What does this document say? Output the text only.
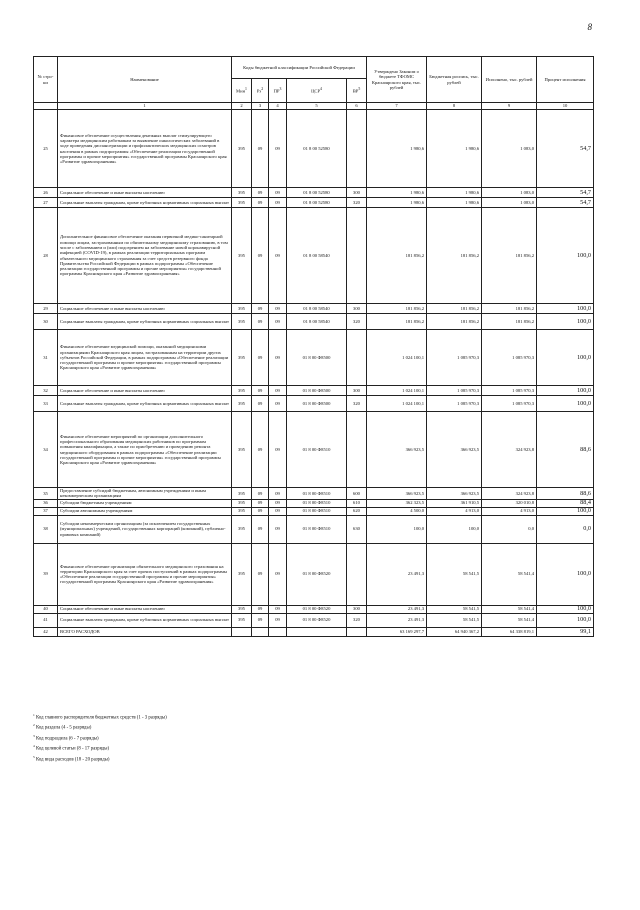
8
№ стро-ки	Наименование	Коды бюджетной классификации Российской Федерации					Утверждено Законом о бюджете ТФОМС Красноярского края, тыс. рублей	Бюджетная роспись, тыс. рублей	Исполнено, тыс. рублей	Процент исполнения
		Мин$^1$	$Рз^2$	$ПР^3$	ЦСР$^4$	$ВР^5$
	1	2	3	4	5	6	7	8	9	10
25	Финансовое обеспечение осуществления денежных выплат стимулирующего характера медицинским работникам за выявление онкологических заболеваний в ходе проведения диспансеризации и профилактических медицинских осмотров населения в рамках подпрограммы «Обеспечение реализации государственной программы и прочие мероприятия» государственной программы Красноярского края «Развитие здравоохранения»	395	09	09	01 8 00 52580		1 980,6	1 980,6	1 083,0	54,7
26	Социальное обеспечение и иные выплаты населению	395	09	09	01 8 00 52580	300	1 980,6	1 980,6	1 083,0	54,7
27	Социальные выплаты гражданам, кроме публичных нормативных социальных выплат	395	09	09	01 8 00 52580	320	1 980,6	1 980,6	1 083,0	54,7
28	Дополнительное финансовое обеспечение оказания первичной медико-санитарной помощи лицам, застрахованным по обязательному медицинскому страхованию, в том числе с заболеванием и (или) подозрением на заболевание новой коронавирусной инфекцией (COVID-19), в рамках реализации территориальных программ обязательного медицинского страхования за счет средств резервного фонда Правительства Российской Федерации в рамках подпрограммы «Обеспечение реализации государственной программы и прочие мероприятия» государственной программы Красноярского края «Развитие здравоохранения»	395	09	09	01 8 00 58540		181 856,2	181 856,2	181 856,2	100,0
29	Социальное обеспечение и иные выплаты населению	395	09	09	01 8 00 58540	300	181 856,2	181 856,2	181 856,2	100,0
30	Социальные выплаты гражданам, кроме публичных нормативных социальных выплат	395	09	09	01 8 00 58540	320	181 856,2	181 856,2	181 856,2	100,0
31	Финансовое обеспечение медицинской помощи, оказанной медицинскими организациями Красноярского края лицам, застрахованным на территории других субъектов Российской Федерации, в рамках подпрограммы «Обеспечение реализации государственной программы и прочие мероприятия» государственной программы Красноярского края «Развитие здравоохранения»	395	09	09	01 8 00 Ф8500		1 024 100,1	1 085 970,3	1 085 970,3	100,0
32	Социальное обеспечение и иные выплаты населению	395	09	09	01 8 00 Ф8500	300	1 024 100,1	1 085 970,3	1 085 970,3	100,0
33	Социальные выплаты гражданам, кроме публичных нормативных социальных выплат	395	09	09	01 8 00 Ф8500	320	1 024 100,1	1 085 970,3	1 085 970,3	100,0
34	Финансовое обеспечение мероприятий по организации дополнительного профессионального образования медицинских работников по программам повышения квалификации, а также по приобретению и проведению ремонта медицинского оборудования в рамках подпрограммы «Обеспечение реализации государственной программы и прочие мероприятия» государственной программы Красноярского края «Развитие здравоохранения»	395	09	09	01 8 00 Ф8510		366 923,5	366 923,5	324 923,8	88,6
35	Предоставление субсидий бюджетным, автономным учреждениям и иным некоммерческим организациям	395	09	09	01 8 00 Ф8510	600	366 923,5	366 923,5	324 923,8	88,6
36	Субсидии бюджетным учреждениям	395	09	09	01 8 00 Ф8510	610	362 323,5	361 910,5	320 010,8	88,4
37	Субсидии автономным учреждениям	395	09	09	01 8 00 Ф8510	620	4 500,0	4 913,0	4 913,0	100,0
38	Субсидии некоммерческим организациям (за исключением государственных (муниципальных) учреждений, государственных корпораций (компаний), публично-правовых компаний)	395	09	09	01 8 00 Ф8510	630	100,0	100,0	0,0	0,0
39	Финансовое обеспечение организации обязательного медицинского страхования на территории Красноярского края за счет прочих поступлений в рамках подпрограммы «Обеспечение реализации государственной программы и прочие мероприятия» государственной программы Красноярского края «Развитие здравоохранения»	395	09	09	01 8 00 Ф8520		23 491,3	58 541,5	58 541,4	100,0
40	Социальное обеспечение и иные выплаты населению	395	09	09	01 8 00 Ф8520	300	23 491,3	58 541,5	58 541,4	100,0
41	Социальные выплаты гражданам, кроме публичных нормативных социальных выплат	395	09	09	01 8 00 Ф8520	320	23 491,3	58 541,5	58 541,4	100,0
42	ВСЕГО РАСХОДОВ						63 169 297,7	64 940 367,2	64 338 819,1	99,1
$^1$ Код главного распорядителя бюджетных средств (1 - 3 разряды)
$^2$ Код раздела (4 - 5 разряды)
$^3$ Код подраздела (6 - 7 разряды)
$^4$ Код целевой статьи (8 - 17 разряды)
$^5$ Код вида расходов (18 - 20 разряды)
